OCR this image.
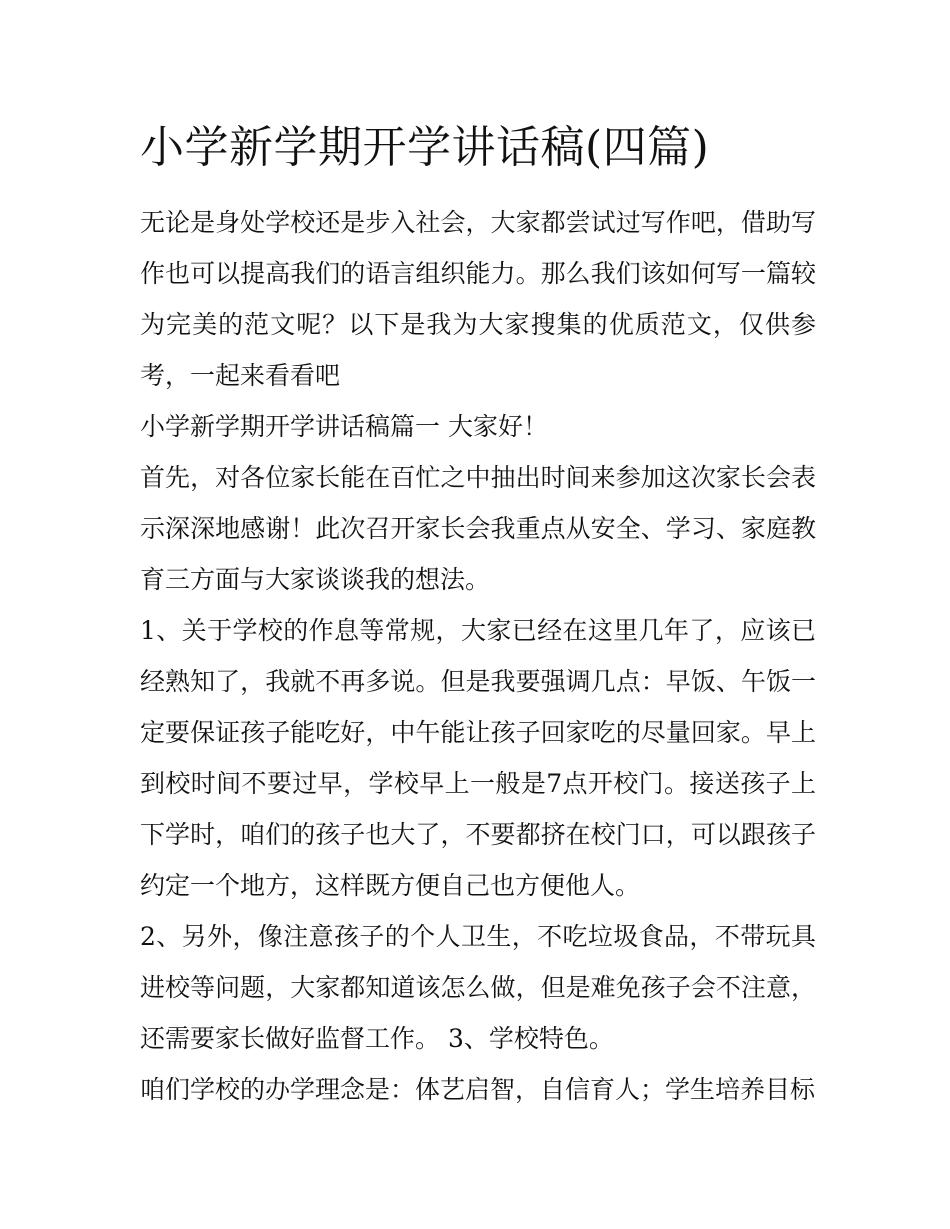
小学新学期开学讲话稿(四篇)

无论是身处学校还是步入社会，大家都尝试过写作吧，借助写作也可以提高我们的语言组织能力。那么我们该如何写一篇较为完美的范文呢？以下是我为大家搜集的优质范文，仅供参考，一起来看看吧

小学新学期开学讲话稿篇一 大家好！

首先，对各位家长能在百忙之中抽出时间来参加这次家长会表示深深地感谢！此次召开家长会我重点从安全、学习、家庭教育三方面与大家谈谈我的想法。

1、关于学校的作息等常规，大家已经在这里几年了，应该已经熟知了，我就不再多说。但是我要强调几点：早饭、午饭一定要保证孩子能吃好，中午能让孩子回家吃的尽量回家。早上到校时间不要过早，学校早上一般是7点开校门。接送孩子上下学时，咱们的孩子也大了，不要都挤在校门口，可以跟孩子约定一个地方，这样既方便自己也方便他人。

2、另外，像注意孩子的个人卫生，不吃垃圾食品，不带玩具进校等问题，大家都知道该怎么做，但是难免孩子会不注意，还需要家长做好监督工作。 3、学校特色。

咱们学校的办学理念是：体艺启智，自信育人；学生培养目标
